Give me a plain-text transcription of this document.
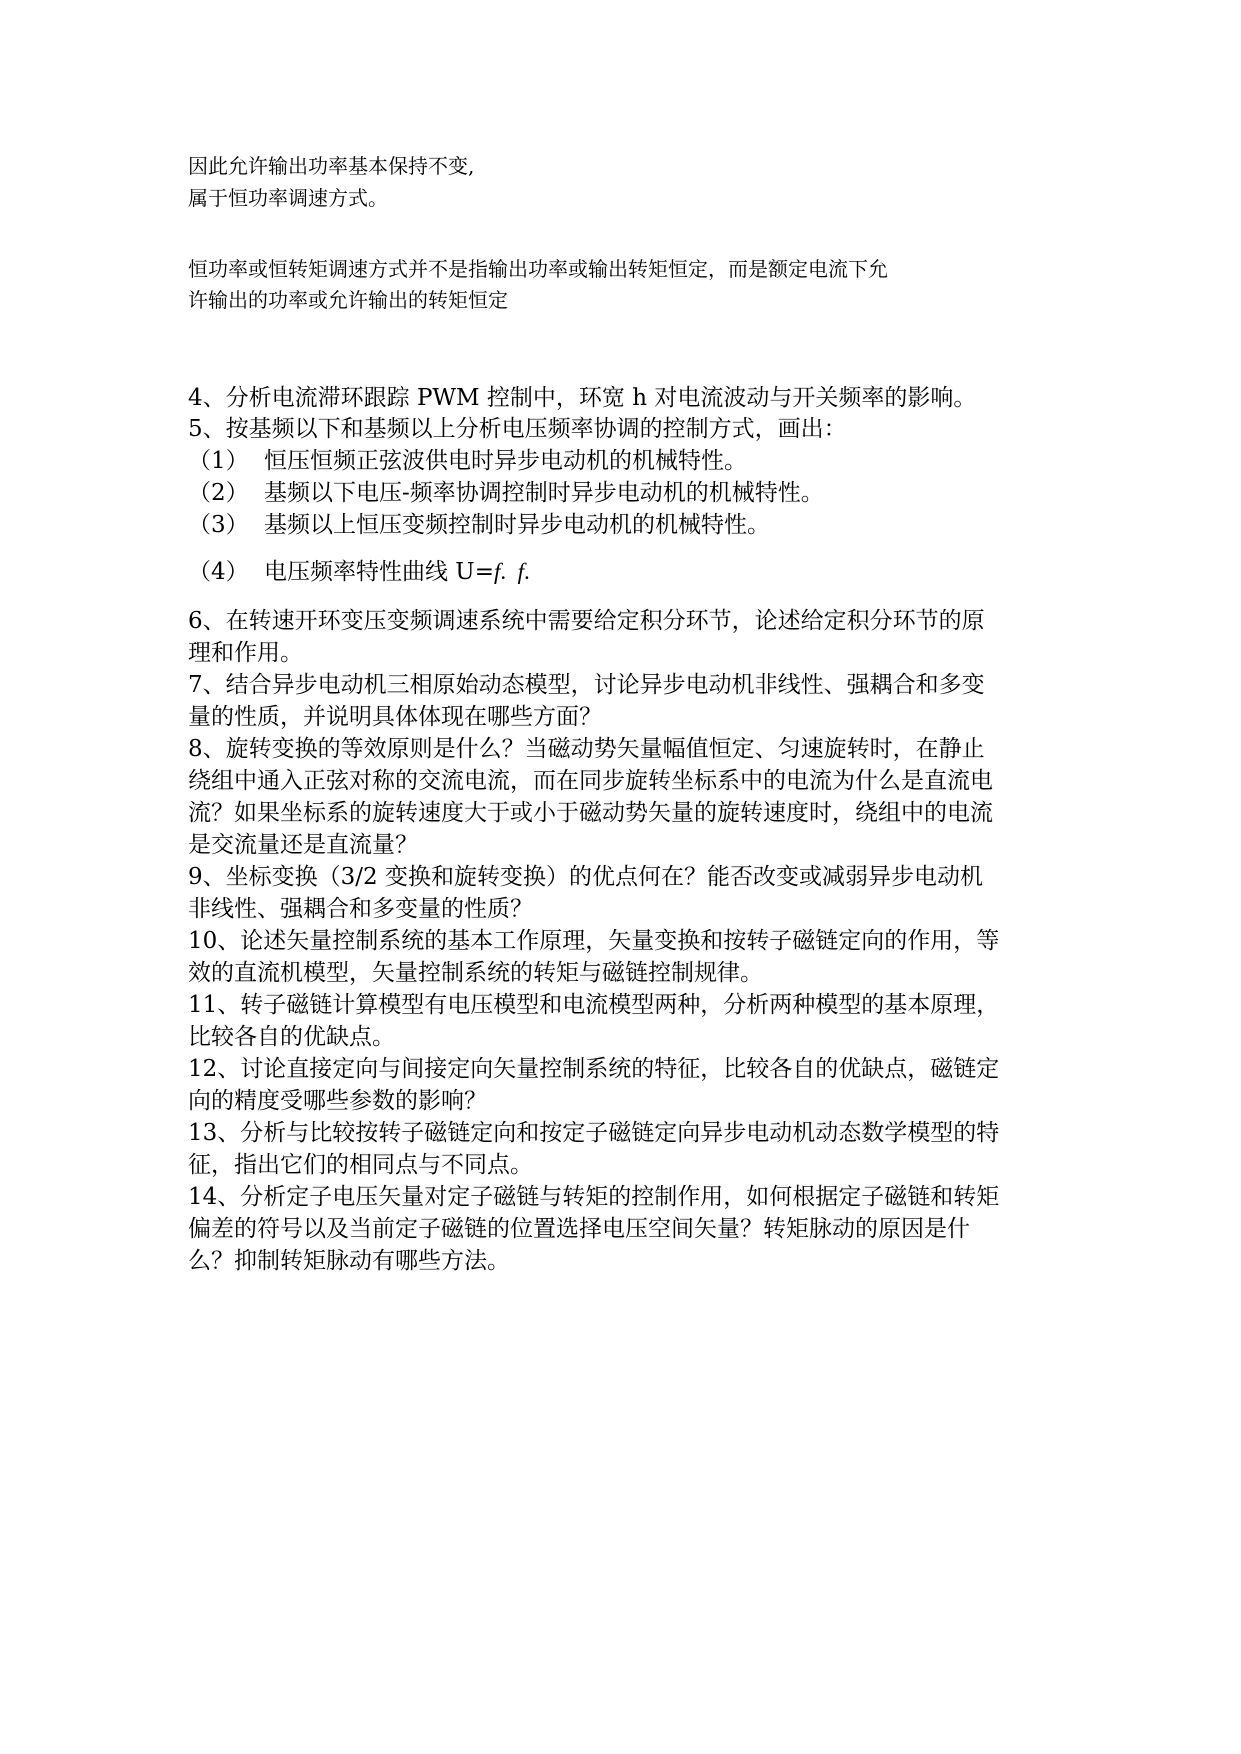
因此允许输出功率基本保持不变,
属于恒功率调速方式。
恒功率或恒转矩调速方式并不是指输出功率或输出转矩恒定，而是额定电流下允
许输出的功率或允许输出的转矩恒定
4、分析电流滞环跟踪 PWM 控制中，环宽 h 对电流波动与开关频率的影响。
5、按基频以下和基频以上分析电压频率协调的控制方式，画出：
（1） 恒压恒频正弦波供电时异步电动机的机械特性。
（2） 基频以下电压-频率协调控制时异步电动机的机械特性。
（3） 基频以上恒压变频控制时异步电动机的机械特性。
（4） 电压频率特性曲线 U=f.  f.
6、在转速开环变压变频调速系统中需要给定积分环节，论述给定积分环节的原
理和作用。
7、结合异步电动机三相原始动态模型，讨论异步电动机非线性、强耦合和多变
量的性质，并说明具体体现在哪些方面？
8、旋转变换的等效原则是什么？当磁动势矢量幅值恒定、匀速旋转时，在静止
绕组中通入正弦对称的交流电流，而在同步旋转坐标系中的电流为什么是直流电
流？如果坐标系的旋转速度大于或小于磁动势矢量的旋转速度时，绕组中的电流
是交流量还是直流量？
9、坐标变换（3/2 变换和旋转变换）的优点何在？能否改变或减弱异步电动机
非线性、强耦合和多变量的性质？
10、论述矢量控制系统的基本工作原理，矢量变换和按转子磁链定向的作用，等
效的直流机模型，矢量控制系统的转矩与磁链控制规律。
11、转子磁链计算模型有电压模型和电流模型两种，分析两种模型的基本原理，
比较各自的优缺点。
12、讨论直接定向与间接定向矢量控制系统的特征，比较各自的优缺点，磁链定
向的精度受哪些参数的影响？
13、分析与比较按转子磁链定向和按定子磁链定向异步电动机动态数学模型的特
征，指出它们的相同点与不同点。
14、分析定子电压矢量对定子磁链与转矩的控制作用，如何根据定子磁链和转矩
偏差的符号以及当前定子磁链的位置选择电压空间矢量？转矩脉动的原因是什
么？抑制转矩脉动有哪些方法。
